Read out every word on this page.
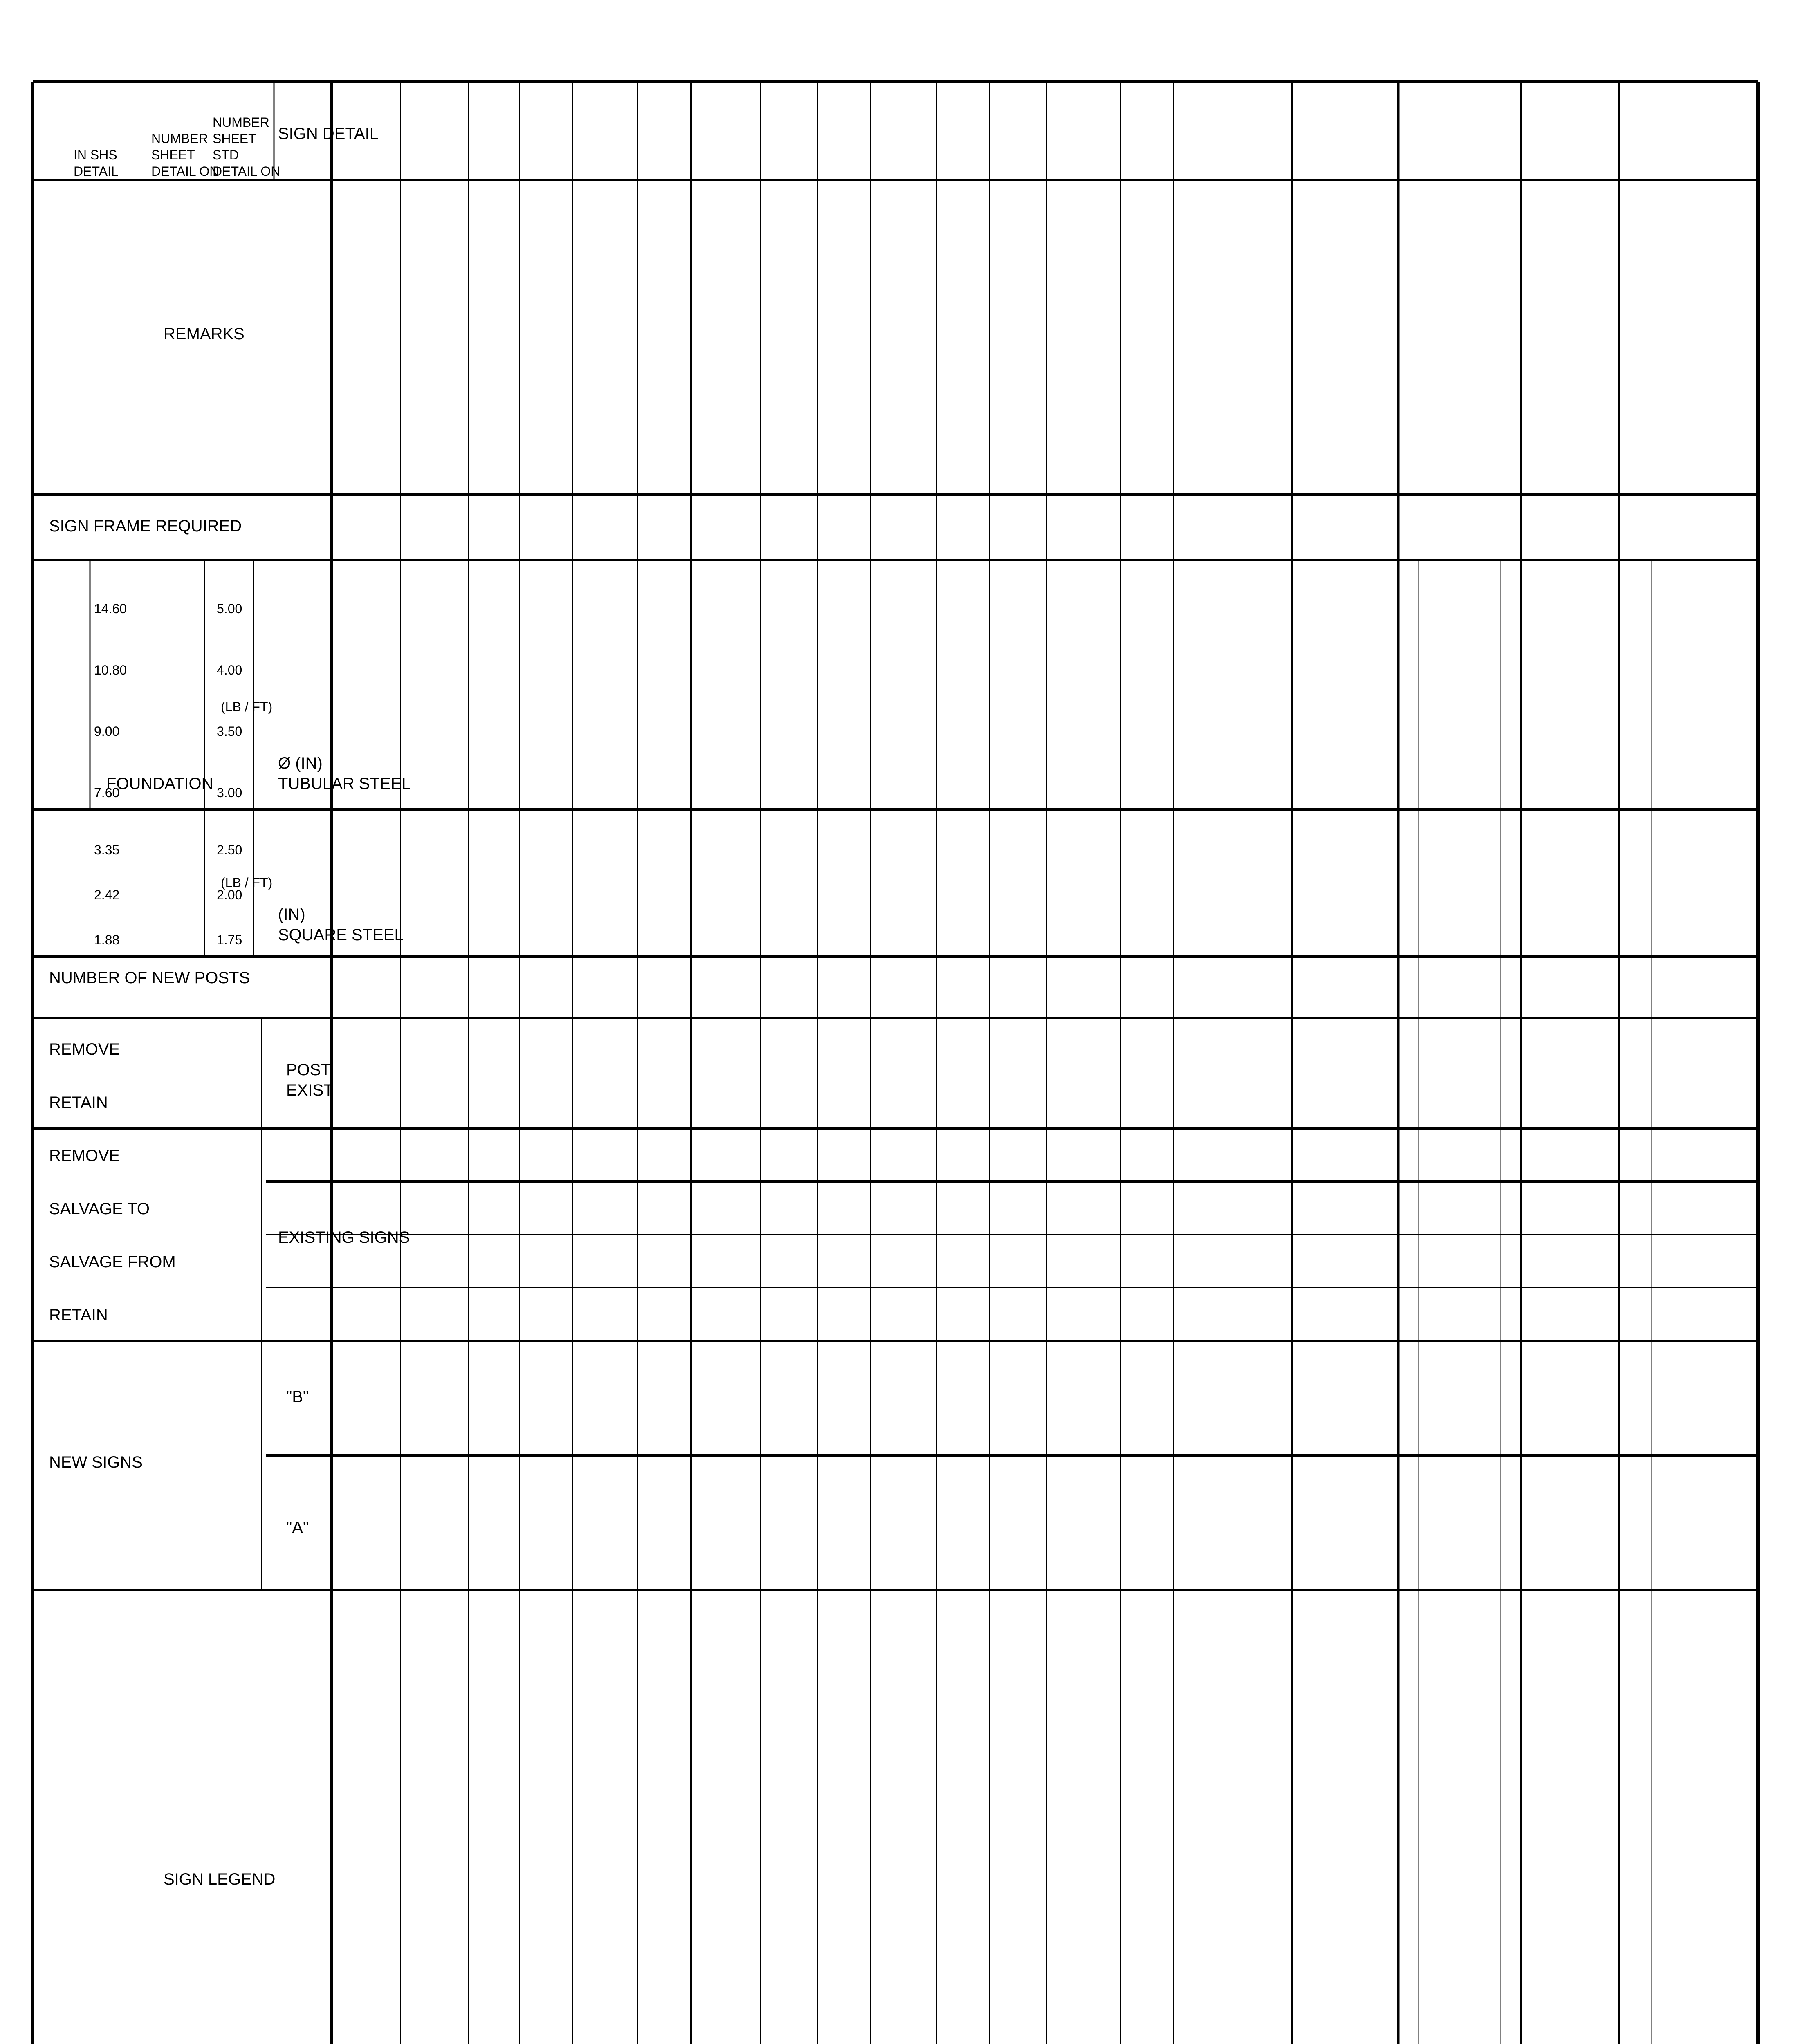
SIGN LEGEND
"A"
"B"
NEW SIGNS
RETAIN
SALVAGE FROM
SALVAGE TO
REMOVE
EXISTING SIGNS
RETAIN
REMOVE
EXIST
POST
NUMBER OF NEW POSTS
SQUARE STEEL
(IN)
1.75
2.00
2.50
(LB / FT)
1.88
2.42
3.35
FOUNDATION	TUBULAR STEEL
Ø (IN)
3.00
3.50
4.00
5.00
(LB / FT)
7.60
9.00
10.80
14.60
SIGN FRAME REQUIRED
REMARKS
SIGN DETAIL
DETAIL
IN SHS
DETAIL ON
SHEET
NUMBER
DETAIL ON
STD
SHEET
NUMBER
